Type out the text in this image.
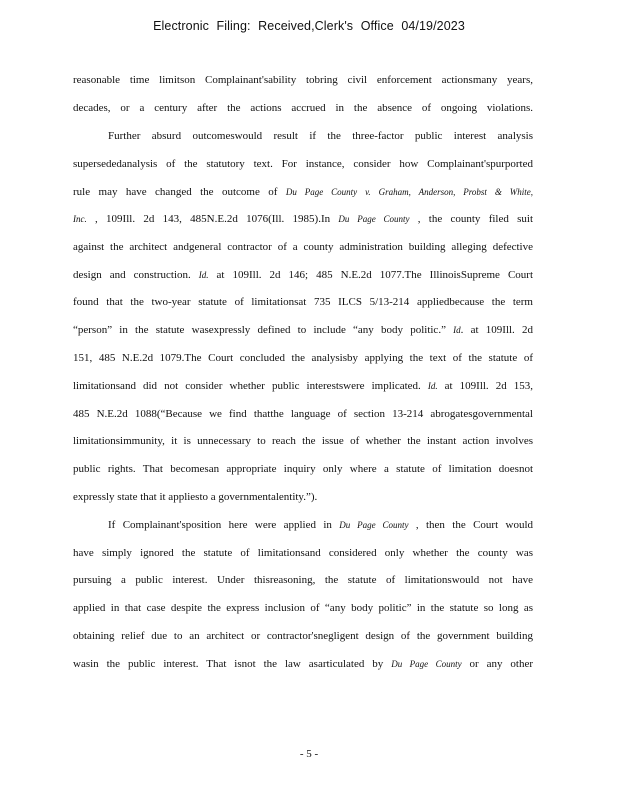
Electronic Filing: Received,Clerk's Office 04/19/2023
reasonable time limitson Complainant'sability tobring civil enforcement actionsmany years,
decades, or a century after the actions accrued in the absence of ongoing violations.
Further absurd outcomeswould result if the three-factor public interest analysis
supersededanalysis of the statutory text. For instance, consider how Complainant'spurported
rule may have changed the outcome of Du Page County v. Graham, Anderson, Probst & White,
Inc. , 109Ill. 2d 143, 485N.E.2d 1076(Ill. 1985).In Du Page County , the county filed suit
against the architect andgeneral contractor of a county administration building alleging defective
design and construction. Id. at 109Ill. 2d 146; 485 N.E.2d 1077.The IllinoisSupreme Court
found that the two-year statute of limitationsat 735 ILCS 5/13-214 appliedbecause the term
“person” in the statute wasexpressly defined to include “any body politic.” Id. at 109Ill. 2d
151, 485 N.E.2d 1079.The Court concluded the analysisby applying the text of the statute of
limitationsand did not consider whether public interestswere implicated. Id. at 109Ill. 2d 153,
485 N.E.2d 1088(“Because we find thatthe language of section 13-214 abrogatesgovernmental
limitationsimmunity, it is unnecessary to reach the issue of whether the instant action involves
public rights. That becomesan appropriate inquiry only where a statute of limitation doesnot
expressly state that it appliesto a governmentalentity.”).
If Complainant'sposition here were applied in Du Page County , then the Court would
have simply ignored the statute of limitationsand considered only whether the county was
pursuing a public interest. Under thisreasoning, the statute of limitationswould not have
applied in that case despite the express inclusion of “any body politic” in the statute so long as
obtaining relief due to an architect or contractor'snegligent design of the government building
wasin the public interest. That isnot the law asarticulated by Du Page County or any other
- 5 -
